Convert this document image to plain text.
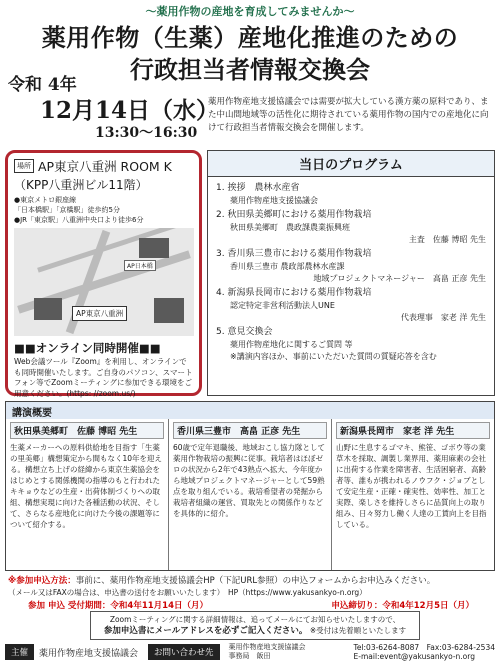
〜薬用作物の産地を育成してみませんか〜
薬用作物（生薬）産地化推進のための
行政担当者情報交換会
令和 4年
12月14日（水）
13:30〜16:30
薬用作物産地支援協議会では需要が拡大している漢方薬の原料であり、また中山間地域等の活性化に期待されている薬用作物の国内での産地化に向けて行政担当者情報交換会を開催します。
場所 AP東京八重洲 ROOM K
（KPP八重洲ビル11階）
●東京メトロ銀座線
「日本橋駅」「京橋駅」徒歩約5分
●JR「東京駅」八重洲中央口より徒歩6分
AP日本橋
AP東京八重洲
■■オンライン同時開催■■
Web会議ツール『Zoom』を利用し、オンラインでも同時開催いたします。ご自身のパソコン、スマートフォン等でZoomミーティングに参加できる環境をご用意ください。(https: //zoom.us/)
当日のプログラム
1. 挨拶　農林水産省
薬用作物産地支援協議会
2. 秋田県美郷町における薬用作物栽培
秋田県美郷町　農政課農業振興班
主査　佐藤 博昭 先生
3. 香川県三豊市における薬用作物栽培
香川県三豊市 農政部農林水産課
地域プロジェクトマネージャー　高畠 正彦 先生
4. 新潟県長岡市における薬用作物栽培
認定特定非営利活動法人UNE
代表理事　家老 洋 先生
5. 意見交換会
薬用作物産地化に関するご質問 等
※講演内容ほか、事前にいただいた質問の質疑応答を含む
講演概要
秋田県美郷町　佐藤 博昭 先生
生薬メーカーへの原料供給地を目指す「生薬の里美郷」構想策定から間もなく10年を迎える。構想立ち上げの経緯から東京生薬協会をはじめとする関係機関の指導のもと行われたキキョウなどの生産・出荷体制づくりへの取組、構想実現に向けた各種活動の状況、そして、さらなる産地化に向けた今後の課題等について紹介する。
香川県三豊市　高畠 正彦 先生
60歳で定年退職後、地域おこし協力隊として薬用作物栽培の振興に従事。栽培者はほぼゼロの状況から2年で43熟点へ拡大、今年度から地域プロジェクトマネージャーとして59熟点を取り組んでいる。栽培希望者の発掘から栽培者組織の運営、買取先との関係作りなどを具体的に紹介。
新潟県長岡市　家老 洋 先生
山野に生息するゴマキ、熊笹、ゴボウ等の業草木を採取、調製し業界用、薬用麻素の会社に出荷する作業を障害者、生活困窮者、高齢者等、誰もが携われるノウフク・ジョブとして安定生産・正確・確実性、効率性、加工と実際、楽しさを維持しさらに品質向上の取り組み、日々努力し働く人達の工賃向上を目指している。
※参加申込方法：事前に、薬用作物産地支援協議会HP（下記URL参照）の申込フォームからお申込みください。
（メール又はFAXの場合は、申込書の送付をお願いいたします）　HP（https://www.yakusankyo-n.org）
参加 申込 受付期間：令和4年11月14日（月）	申込締切り：令和4年12月5日（月）
Zoomミーティングに関する詳細情報は、追ってメールにてお知らせいたしますので、
参加申込書にメールアドレスを必ずご記入ください。 ※受付は先着順といたします
主催	薬用作物産地支援協議会	お問い合わせ先
薬用作物産地支援協議会
事務局　飯田
Tel:03-6264-8087　Fax:03-6284-2534
E-mail:event@yakusankyo-n.org
